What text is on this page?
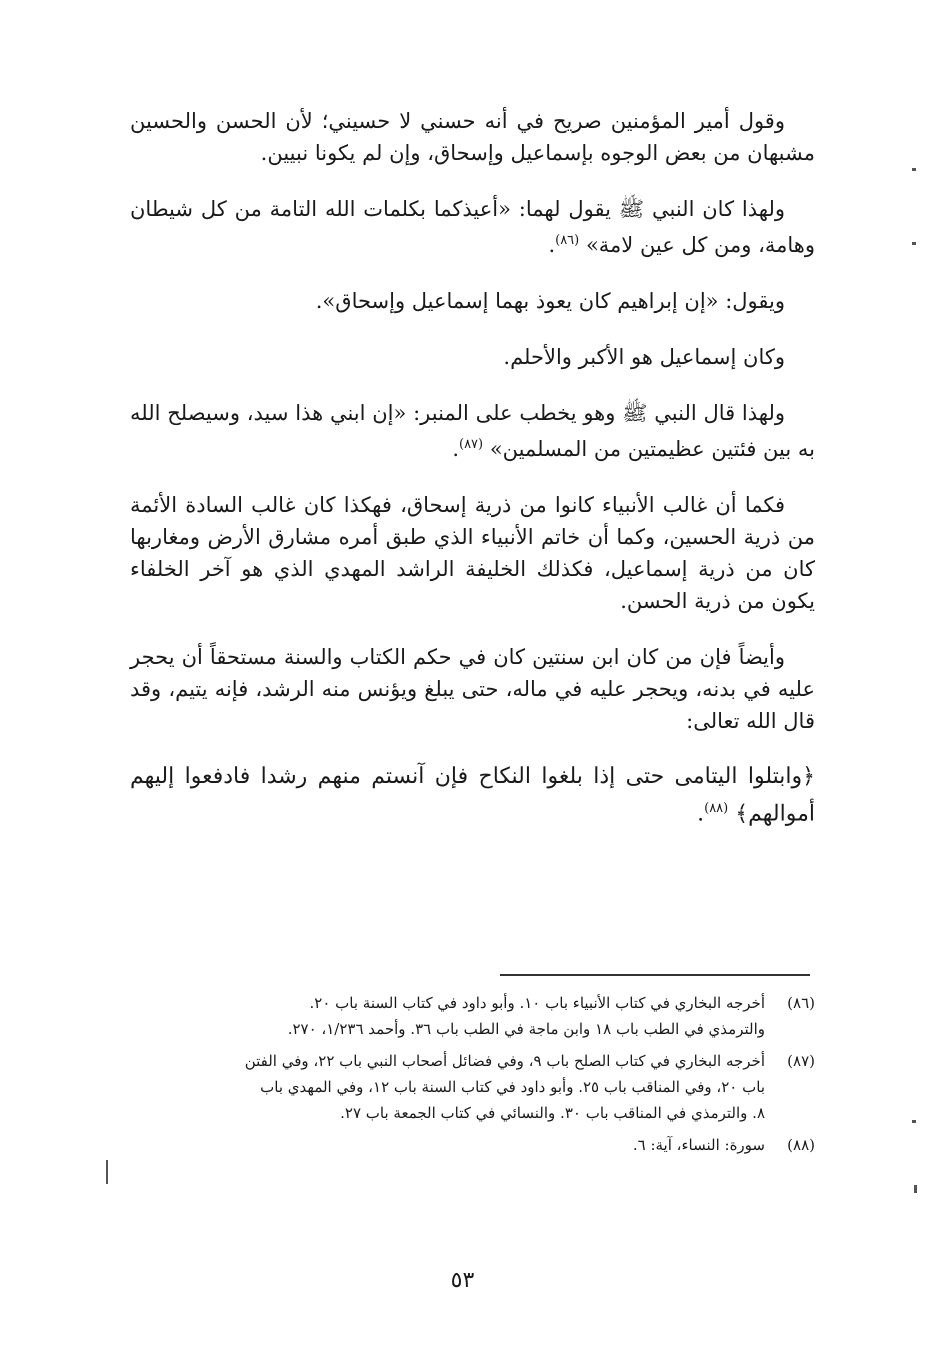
وقول أمير المؤمنين صريح في أنه حسني لا حسيني؛ لأن الحسن والحسين مشبهان من بعض الوجوه بإسماعيل وإسحاق، وإن لم يكونا نبيين.

ولهذا كان النبي ﷺ يقول لهما: «أعيذكما بكلمات الله التامة من كل شيطان وهامة، ومن كل عين لامة» $^{(٨٦)}$.

ويقول: «إن إبراهيم كان يعوذ بهما إسماعيل وإسحاق».

وكان إسماعيل هو الأكبر والأحلم.

ولهذا قال النبي ﷺ وهو يخطب على المنبر: «إن ابني هذا سيد، وسيصلح الله به بين فئتين عظيمتين من المسلمين» $^{(٨٧)}$.

فكما أن غالب الأنبياء كانوا من ذرية إسحاق، فهكذا كان غالب السادة الأئمة من ذرية الحسين، وكما أن خاتم الأنبياء الذي طبق أمره مشارق الأرض ومغاربها كان من ذرية إسماعيل، فكذلك الخليفة الراشد المهدي الذي هو آخر الخلفاء يكون من ذرية الحسن.

وأيضاً فإن من كان ابن سنتين كان في حكم الكتاب والسنة مستحقاً أن يحجر عليه في بدنه، ويحجر عليه في ماله، حتى يبلغ ويؤنس منه الرشد، فإنه يتيم، وقد قال الله تعالى:

﴿وابتلوا اليتامى حتى إذا بلغوا النكاح فإن آنستم منهم رشدا فادفعوا إليهم أموالهم﴾ $^{(٨٨)}$.

(٨٦)
أخرجه البخاري في كتاب الأنبياء باب ١٠. وأبو داود في كتاب السنة باب ٢٠.
والترمذي في الطب باب ١٨ وابن ماجة في الطب باب ٣٦. وأحمد ١/٢٣٦، ٢٧٠.
(٨٧)
أخرجه البخاري في كتاب الصلح باب ٩، وفي فضائل أصحاب النبي باب ٢٢، وفي الفتن
باب ٢٠، وفي المناقب باب ٢٥. وأبو داود في كتاب السنة باب ١٢، وفي المهدي باب
٨. والترمذي في المناقب باب ٣٠. والنسائي في كتاب الجمعة باب ٢٧.
(٨٨)
سورة: النساء، آية: ٦.
٥٣
